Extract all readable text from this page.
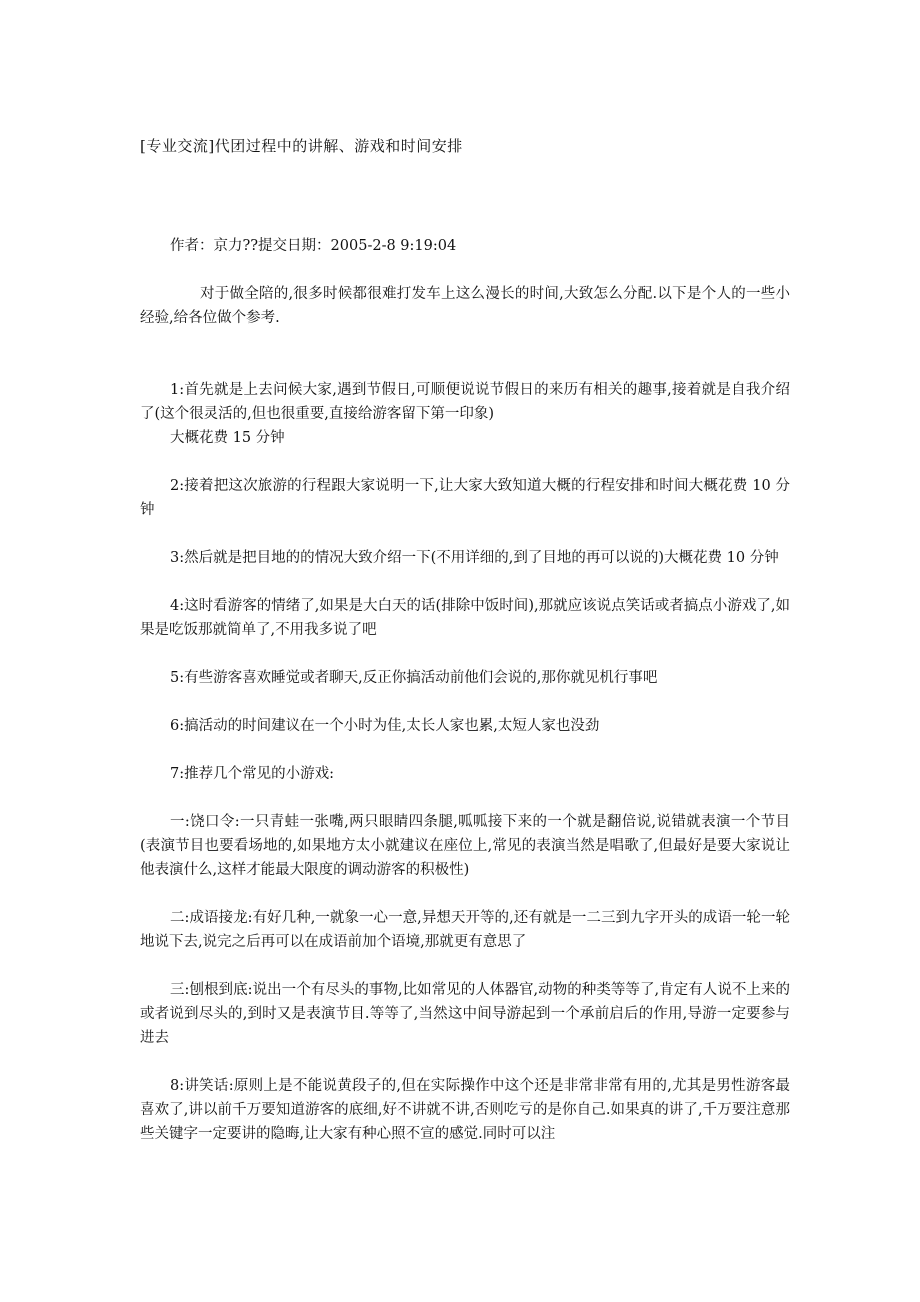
[专业交流]代团过程中的讲解、游戏和时间安排
作者：京力??提交日期：2005-2-8 9:19:04

对于做全陪的,很多时候都很难打发车上这么漫长的时间,大致怎么分配.以下是个人的一些小经验,给各位做个参考.

1:首先就是上去问候大家,遇到节假日,可顺便说说节假日的来历有相关的趣事,接着就是自我介绍了(这个很灵活的,但也很重要,直接给游客留下第一印象)

大概花费 15 分钟

2:接着把这次旅游的行程跟大家说明一下,让大家大致知道大概的行程安排和时间大概花费 10 分钟

3:然后就是把目地的的情况大致介绍一下(不用详细的,到了目地的再可以说的)大概花费 10 分钟

4:这时看游客的情绪了,如果是大白天的话(排除中饭时间),那就应该说点笑话或者搞点小游戏了,如果是吃饭那就简单了,不用我多说了吧

5:有些游客喜欢睡觉或者聊天,反正你搞活动前他们会说的,那你就见机行事吧

6:搞活动的时间建议在一个小时为佳,太长人家也累,太短人家也没劲

7:推荐几个常见的小游戏:

一:饶口令:一只青蛙一张嘴,两只眼睛四条腿,呱呱接下来的一个就是翻倍说,说错就表演一个节目(表演节目也要看场地的,如果地方太小就建议在座位上,常见的表演当然是唱歌了,但最好是要大家说让他表演什么,这样才能最大限度的调动游客的积极性)

二:成语接龙:有好几种,一就象一心一意,异想天开等的,还有就是一二三到九字开头的成语一轮一轮地说下去,说完之后再可以在成语前加个语境,那就更有意思了

三:刨根到底:说出一个有尽头的事物,比如常见的人体器官,动物的种类等等了,肯定有人说不上来的或者说到尽头的,到时又是表演节目.等等了,当然这中间导游起到一个承前启后的作用,导游一定要参与进去

8:讲笑话:原则上是不能说黄段子的,但在实际操作中这个还是非常非常有用的,尤其是男性游客最喜欢了,讲以前千万要知道游客的底细,好不讲就不讲,否则吃亏的是你自己.如果真的讲了,千万要注意那些关键字一定要讲的隐晦,让大家有种心照不宣的感觉.同时可以注
